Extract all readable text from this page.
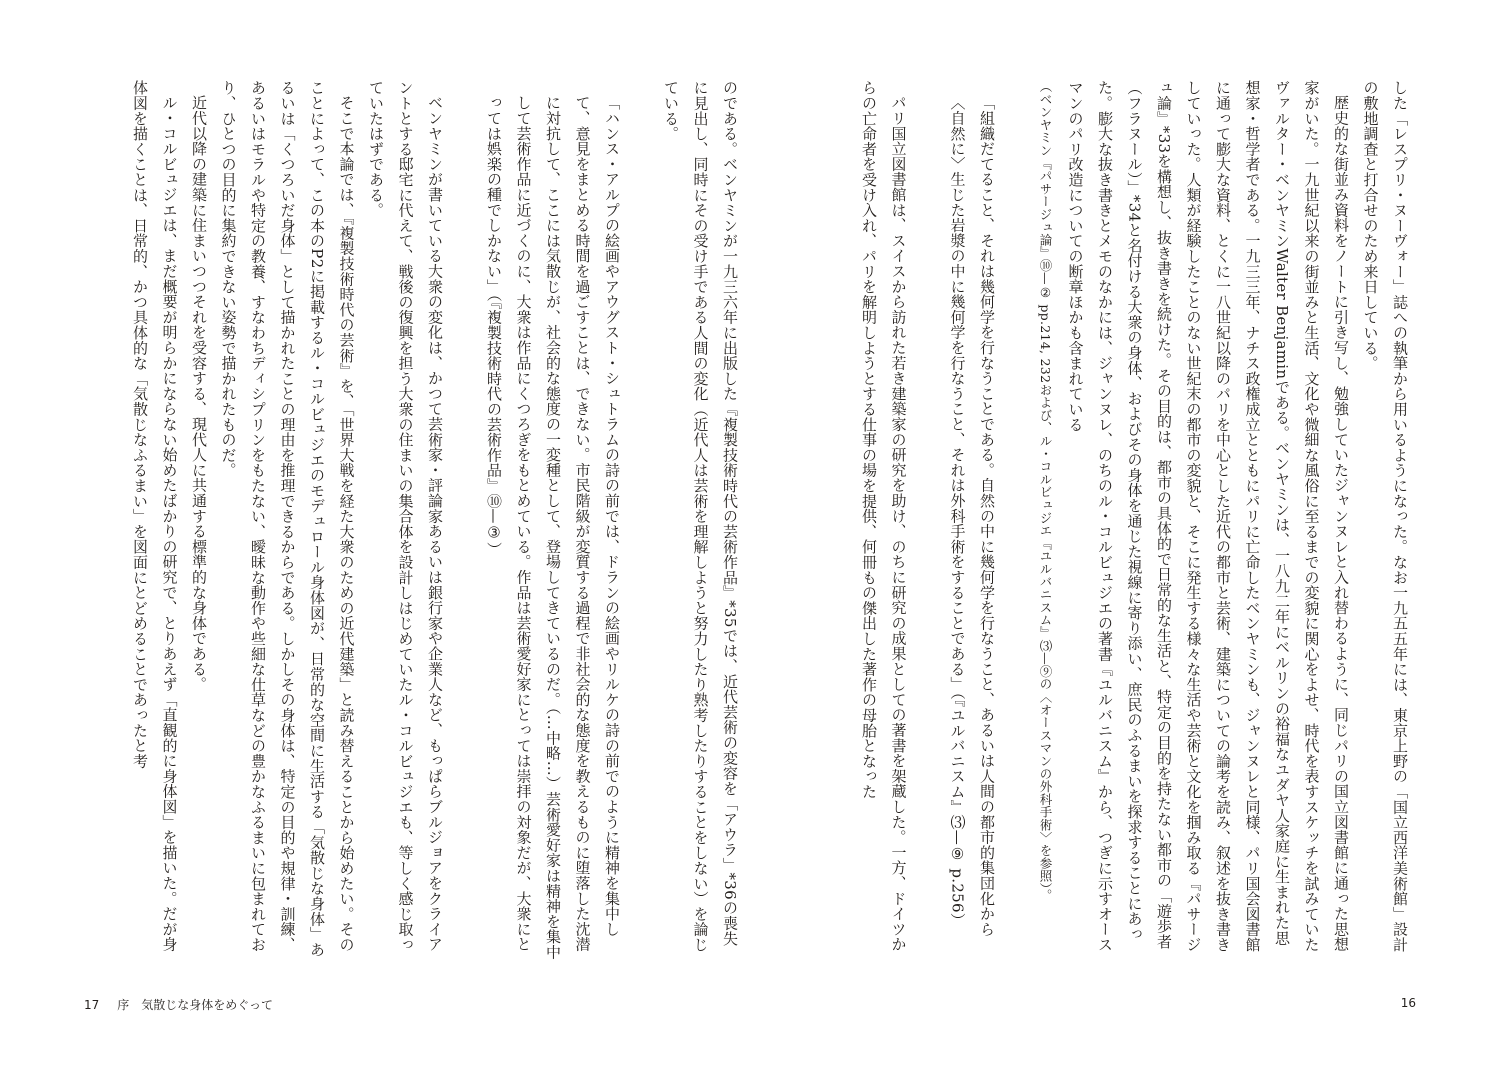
した「レスプリ・ヌーヴォー」誌への執筆から用いるようになった。なお一九五五年には、東京上野の「国立西洋美術館」設計の敷地調査と打合せのため来日している。

歴史的な街並み資料をノートに引き写し、勉強していたジャンヌレと入れ替わるように、同じパリの国立図書館に通った思想家がいた。一九世紀以来の街並みと生活、文化や微細な風俗に至るまでの変貌に関心をよせ、時代を表すスケッチを試みていたヴァルター・ベンヤミンWalter Benjaminである。ベンヤミンは、一八九二年にベルリンの裕福なユダヤ人家庭に生まれた思想家・哲学者である。一九三三年、ナチス政権成立とともにパリに亡命したベンヤミンも、ジャンヌレと同様、パリ国会図書館に通って膨大な資料、とくに一八世紀以降のパリを中心とした近代の都市と芸術、建築についての論考を読み、叙述を抜き書きしていった。人類が経験したことのない世紀末の都市の変貌と、そこに発生する様々な生活や芸術と文化を掴み取る『パサージュ論』*33を構想し、抜き書きを続けた。その目的は、都市の具体的で日常的な生活と、特定の目的を持たない都市の「遊歩者（フラヌール）」*34と名付ける大衆の身体、およびその身体を通じた視線に寄り添い、庶民のふるまいを探求することにあった。膨大な抜き書きとメモのなかには、ジャンヌレ、のちのル・コルビュジエの著書『ユルバニスム』から、つぎに示すオースマンのパリ改造についての断章ほかも含まれている

（ベンヤミン『パサージュ論』⑩—② pp.214, 232および、ル・コルビュジエ『ユルバニスム』⑶—⑨の〈オースマンの外科手術〉を参照）。

「組織だてること、それは幾何学を行なうことである。自然の中に幾何学を行なうこと、あるいは人間の都市的集団化から〈自然に〉生じた岩漿の中に幾何学を行なうこと、それは外科手術をすることである」（『ユルバニスム』⑶—⑨ p.256）

パリ国立図書館は、スイスから訪れた若き建築家の研究を助け、のちに研究の成果としての著書を架蔵した。一方、ドイツからの亡命者を受け入れ、パリを解明しようとする仕事の場を提供、何冊もの傑出した著作の母胎となった

のである。ベンヤミンが一九三六年に出版した『複製技術時代の芸術作品』*35では、近代芸術の変容を「アウラ」*36の喪失に見出し、同時にその受け手である人間の変化（近代人は芸術を理解しようと努力したり熟考したりすることをしない）を論じている。

「ハンス・アルプの絵画やアウグスト・シュトラムの詩の前では、ドランの絵画やリルケの詩の前でのように精神を集中して、意見をまとめる時間を過ごすことは、できない。市民階級が変質する過程で非社会的な態度を教えるものに堕落した沈潜に対抗して、ここには気散じが、社会的な態度の一変種として、登場してきているのだ。（…中略…）芸術愛好家は精神を集中して芸術作品に近づくのに、大衆は作品にくつろぎをもとめている。作品は芸術愛好家にとっては崇拝の対象だが、大衆にとっては娯楽の種でしかない」（『複製技術時代の芸術作品』⑩—③）

ベンヤミンが書いている大衆の変化は、かつて芸術家・評論家あるいは銀行家や企業人など、もっぱらブルジョアをクライアントとする邸宅に代えて、戦後の復興を担う大衆の住まいの集合体を設計しはじめていたル・コルビュジエも、等しく感じ取っていたはずである。

そこで本論では、『複製技術時代の芸術』を、「世界大戦を経た大衆のための近代建築」と読み替えることから始めたい。そのことによって、この本のP2に掲載するル・コルビュジエのモデュロール身体図が、日常的な空間に生活する「気散じな身体」あるいは「くつろいだ身体」として描かれたことの理由を推理できるからである。しかしその身体は、特定の目的や規律・訓練、あるいはモラルや特定の教養、すなわちディシプリンをもたない、曖昧な動作や些細な仕草などの豊かなふるまいに包まれており、ひとつの目的に集約できない姿勢で描かれたものだ。

近代以降の建築に住まいつつそれを受容する、現代人に共通する標準的な身体である。

ル・コルビュジエは、まだ概要が明らかにならない始めたばかりの研究で、とりあえず「直観的に身体図」を描いた。だが身体図を描くことは、日常的、かつ具体的な「気散じなふるまい」を図面にとどめることであったと考

17 序　気散じな身体をめぐって	16
